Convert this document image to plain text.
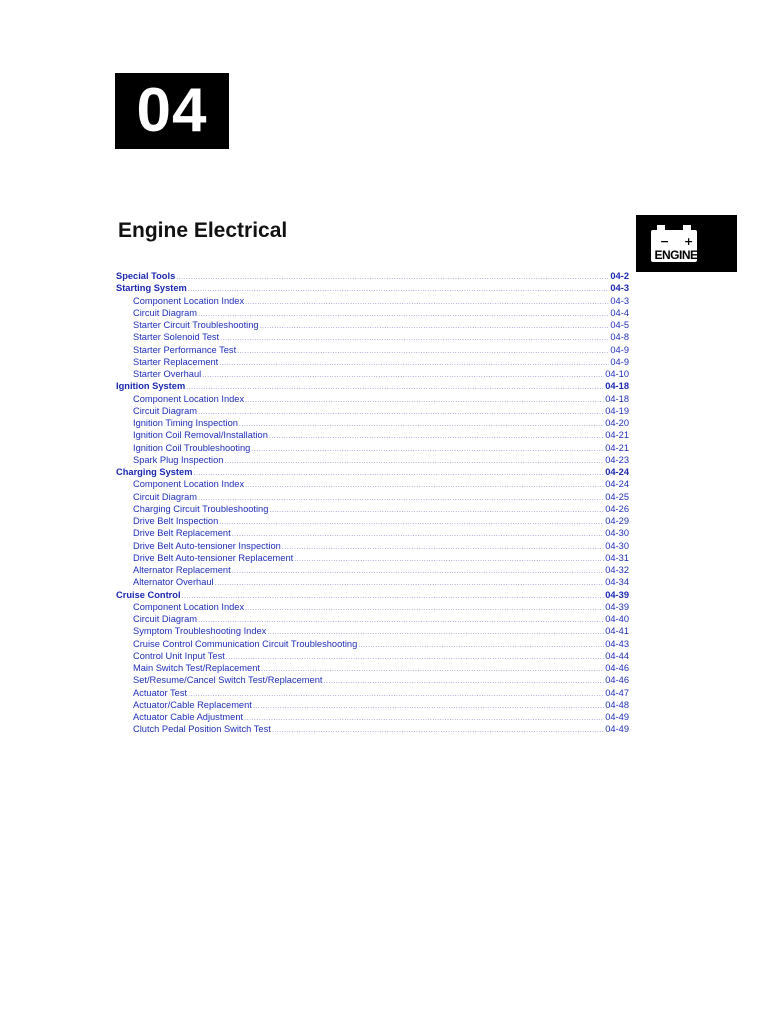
04
Engine Electrical	− +
ENGINE
Special Tools .....	04-2
Starting System .....	04-3
Component Location Index .....	04-3
Circuit Diagram .....	04-4
Starter Circuit Troubleshooting .....	04-5
Starter Solenoid Test .....	04-8
Starter Performance Test .....	04-9
Starter Replacement .....	04-9
Starter Overhaul .....	04-10
Ignition System .....	04-18
Component Location Index .....	04-18
Circuit Diagram .....	04-19
Ignition Timing Inspection .....	04-20
Ignition Coil Removal/Installation .....	04-21
Ignition Coil Troubleshooting .....	04-21
Spark Plug Inspection .....	04-23
Charging System .....	04-24
Component Location Index .....	04-24
Circuit Diagram .....	04-25
Charging Circuit Troubleshooting .....	04-26
Drive Belt Inspection .....	04-29
Drive Belt Replacement .....	04-30
Drive Belt Auto-tensioner Inspection .....	04-30
Drive Belt Auto-tensioner Replacement .....	04-31
Alternator Replacement .....	04-32
Alternator Overhaul .....	04-34
Cruise Control .....	04-39
Component Location Index .....	04-39
Circuit Diagram .....	04-40
Symptom Troubleshooting Index .....	04-41
Cruise Control Communication Circuit Troubleshooting .....	04-43
Control Unit Input Test .....	04-44
Main Switch Test/Replacement .....	04-46
Set/Resume/Cancel Switch Test/Replacement .....	04-46
Actuator Test .....	04-47
Actuator/Cable Replacement .....	04-48
Actuator Cable Adjustment .....	04-49
Clutch Pedal Position Switch Test .....	04-49
